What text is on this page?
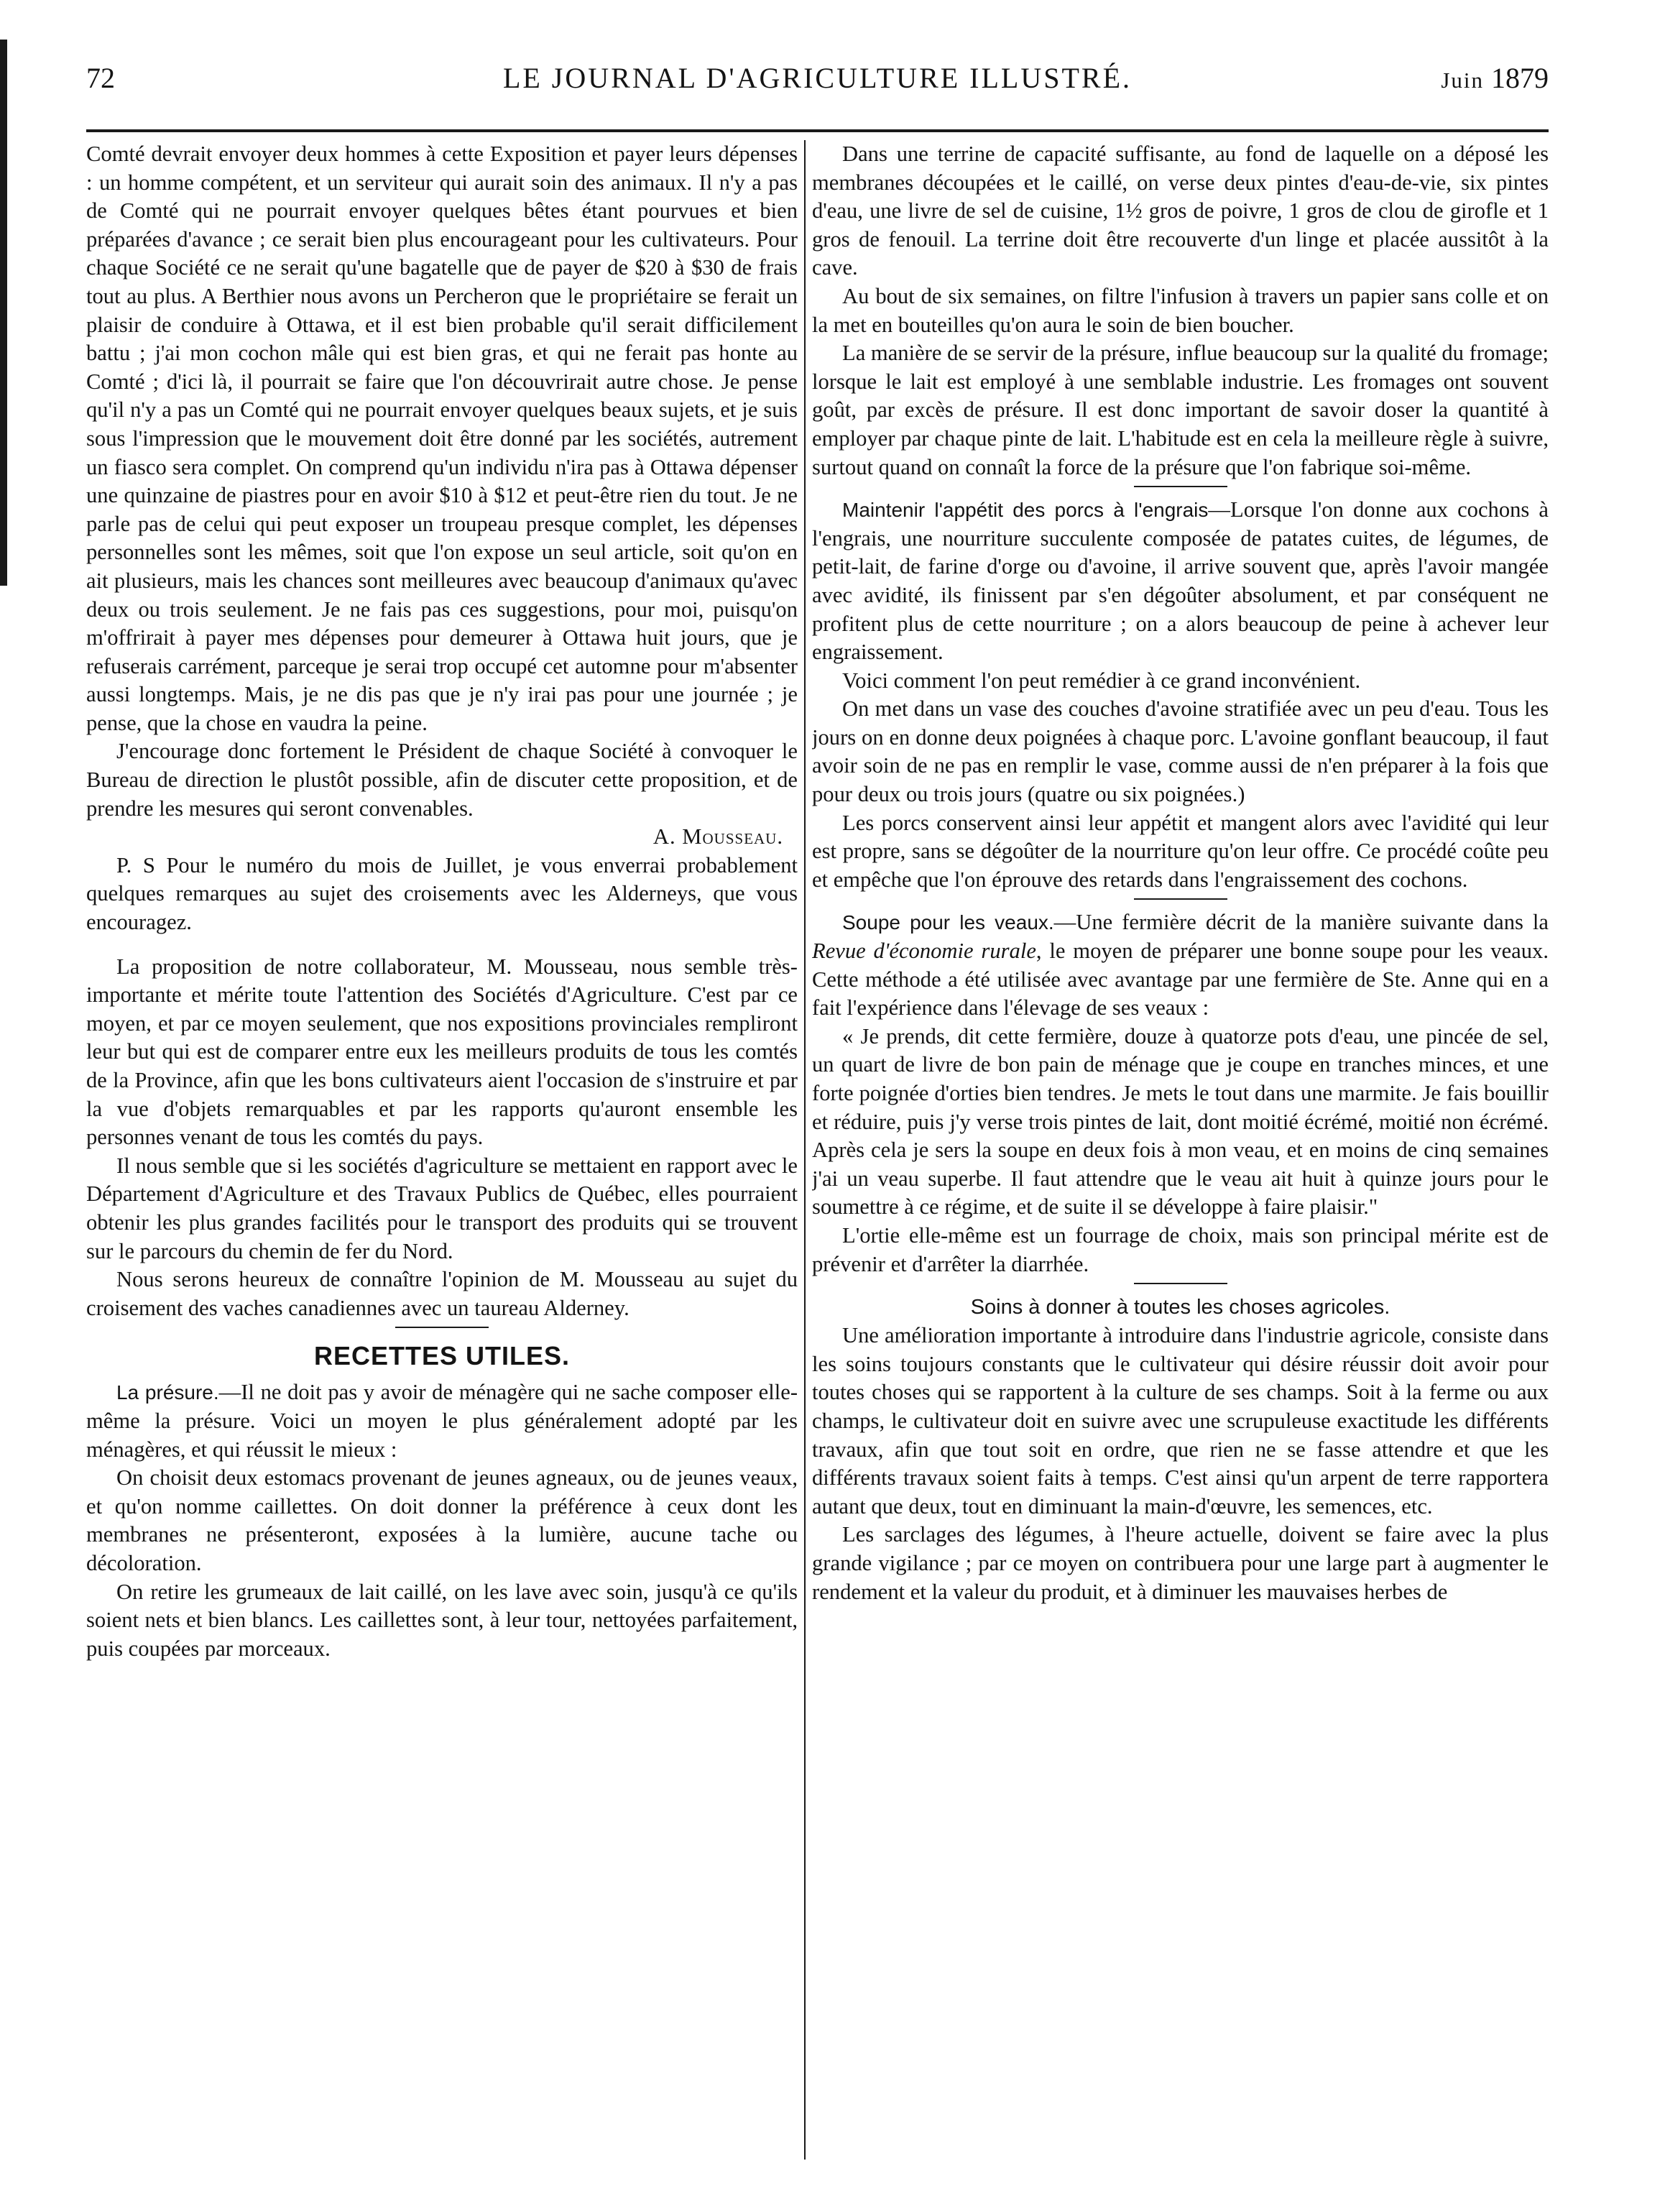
72	LE JOURNAL D'AGRICULTURE ILLUSTRÉ.	Juin 1879

Comté devrait envoyer deux hommes à cette Exposition et payer leurs dépenses : un homme compétent, et un serviteur qui aurait soin des animaux. Il n'y a pas de Comté qui ne pourrait envoyer quelques bêtes étant pourvues et bien préparées d'avance ; ce serait bien plus encourageant pour les cultivateurs. Pour chaque Société ce ne serait qu'une bagatelle que de payer de $20 à $30 de frais tout au plus. A Berthier nous avons un Percheron que le propriétaire se ferait un plaisir de conduire à Ottawa, et il est bien probable qu'il serait difficilement battu ; j'ai mon cochon mâle qui est bien gras, et qui ne ferait pas honte au Comté ; d'ici là, il pourrait se faire que l'on découvrirait autre chose. Je pense qu'il n'y a pas un Comté qui ne pourrait envoyer quelques beaux sujets, et je suis sous l'impression que le mouvement doit être donné par les sociétés, autrement un fiasco sera complet. On comprend qu'un individu n'ira pas à Ottawa dépenser une quinzaine de piastres pour en avoir $10 à $12 et peut-être rien du tout. Je ne parle pas de celui qui peut exposer un troupeau presque complet, les dépenses personnelles sont les mêmes, soit que l'on expose un seul article, soit qu'on en ait plusieurs, mais les chances sont meilleures avec beaucoup d'animaux qu'avec deux ou trois seulement. Je ne fais pas ces suggestions, pour moi, puisqu'on m'offrirait à payer mes dépenses pour demeurer à Ottawa huit jours, que je refuserais carrément, parceque je serai trop occupé cet automne pour m'absenter aussi longtemps. Mais, je ne dis pas que je n'y irai pas pour une journée ; je pense, que la chose en vaudra la peine.

J'encourage donc fortement le Président de chaque Société à convoquer le Bureau de direction le plustôt possible, afin de discuter cette proposition, et de prendre les mesures qui seront convenables.

A. Mousseau.

P. S Pour le numéro du mois de Juillet, je vous enverrai probablement quelques remarques au sujet des croisements avec les Alderneys, que vous encouragez.

La proposition de notre collaborateur, M. Mousseau, nous semble très-importante et mérite toute l'attention des Sociétés d'Agriculture. C'est par ce moyen, et par ce moyen seulement, que nos expositions provinciales rempliront leur but qui est de comparer entre eux les meilleurs produits de tous les comtés de la Province, afin que les bons cultivateurs aient l'occasion de s'instruire et par la vue d'objets remarquables et par les rapports qu'auront ensemble les personnes venant de tous les comtés du pays.

Il nous semble que si les sociétés d'agriculture se mettaient en rapport avec le Département d'Agriculture et des Travaux Publics de Québec, elles pourraient obtenir les plus grandes facilités pour le transport des produits qui se trouvent sur le parcours du chemin de fer du Nord.

Nous serons heureux de connaître l'opinion de M. Mousseau au sujet du croisement des vaches canadiennes avec un taureau Alderney.

RECETTES UTILES.

La présure.—Il ne doit pas y avoir de ménagère qui ne sache composer elle-même la présure. Voici un moyen le plus généralement adopté par les ménagères, et qui réussit le mieux :

On choisit deux estomacs provenant de jeunes agneaux, ou de jeunes veaux, et qu'on nomme caillettes. On doit donner la préférence à ceux dont les membranes ne présenteront, exposées à la lumière, aucune tache ou décoloration.

On retire les grumeaux de lait caillé, on les lave avec soin, jusqu'à ce qu'ils soient nets et bien blancs. Les caillettes sont, à leur tour, nettoyées parfaitement, puis coupées par morceaux.

Dans une terrine de capacité suffisante, au fond de laquelle on a déposé les membranes découpées et le caillé, on verse deux pintes d'eau-de-vie, six pintes d'eau, une livre de sel de cuisine, 1½ gros de poivre, 1 gros de clou de girofle et 1 gros de fenouil. La terrine doit être recouverte d'un linge et placée aussitôt à la cave.

Au bout de six semaines, on filtre l'infusion à travers un papier sans colle et on la met en bouteilles qu'on aura le soin de bien boucher.

La manière de se servir de la présure, influe beaucoup sur la qualité du fromage; lorsque le lait est employé à une semblable industrie. Les fromages ont souvent goût, par excès de présure. Il est donc important de savoir doser la quantité à employer par chaque pinte de lait. L'habitude est en cela la meilleure règle à suivre, surtout quand on connaît la force de la présure que l'on fabrique soi-même.

Maintenir l'appétit des porcs à l'engrais—Lorsque l'on donne aux cochons à l'engrais, une nourriture succulente composée de patates cuites, de légumes, de petit-lait, de farine d'orge ou d'avoine, il arrive souvent que, après l'avoir mangée avec avidité, ils finissent par s'en dégoûter absolument, et par conséquent ne profitent plus de cette nourriture ; on a alors beaucoup de peine à achever leur engraissement.

Voici comment l'on peut remédier à ce grand inconvénient.

On met dans un vase des couches d'avoine stratifiée avec un peu d'eau. Tous les jours on en donne deux poignées à chaque porc. L'avoine gonflant beaucoup, il faut avoir soin de ne pas en remplir le vase, comme aussi de n'en préparer à la fois que pour deux ou trois jours (quatre ou six poignées.)

Les porcs conservent ainsi leur appétit et mangent alors avec l'avidité qui leur est propre, sans se dégoûter de la nourriture qu'on leur offre. Ce procédé coûte peu et empêche que l'on éprouve des retards dans l'engraissement des cochons.

Soupe pour les veaux.—Une fermière décrit de la manière suivante dans la Revue d'économie rurale, le moyen de préparer une bonne soupe pour les veaux. Cette méthode a été utilisée avec avantage par une fermière de Ste. Anne qui en a fait l'expérience dans l'élevage de ses veaux :

« Je prends, dit cette fermière, douze à quatorze pots d'eau, une pincée de sel, un quart de livre de bon pain de ménage que je coupe en tranches minces, et une forte poignée d'orties bien tendres. Je mets le tout dans une marmite. Je fais bouillir et réduire, puis j'y verse trois pintes de lait, dont moitié écrémé, moitié non écrémé. Après cela je sers la soupe en deux fois à mon veau, et en moins de cinq semaines j'ai un veau superbe. Il faut attendre que le veau ait huit à quinze jours pour le soumettre à ce régime, et de suite il se développe à faire plaisir."

L'ortie elle-même est un fourrage de choix, mais son principal mérite est de prévenir et d'arrêter la diarrhée.

Soins à donner à toutes les choses agricoles.

Une amélioration importante à introduire dans l'industrie agricole, consiste dans les soins toujours constants que le cultivateur qui désire réussir doit avoir pour toutes choses qui se rapportent à la culture de ses champs. Soit à la ferme ou aux champs, le cultivateur doit en suivre avec une scrupuleuse exactitude les différents travaux, afin que tout soit en ordre, que rien ne se fasse attendre et que les différents travaux soient faits à temps. C'est ainsi qu'un arpent de terre rapportera autant que deux, tout en diminuant la main-d'œuvre, les semences, etc.

Les sarclages des légumes, à l'heure actuelle, doivent se faire avec la plus grande vigilance ; par ce moyen on contribuera pour une large part à augmenter le rendement et la valeur du produit, et à diminuer les mauvaises herbes de
